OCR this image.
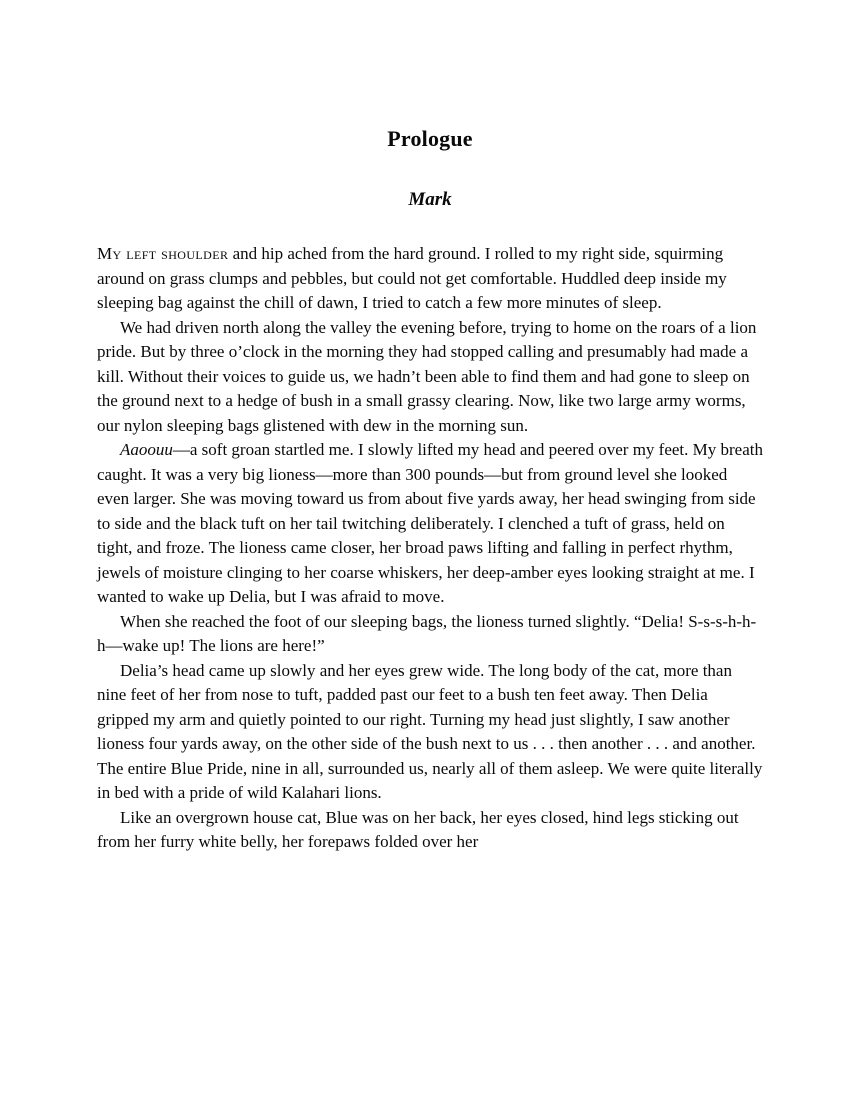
Prologue
Mark

My left shoulder and hip ached from the hard ground. I rolled to my right side, squirming around on grass clumps and pebbles, but could not get comfortable. Huddled deep inside my sleeping bag against the chill of dawn, I tried to catch a few more minutes of sleep.

We had driven north along the valley the evening before, trying to home on the roars of a lion pride. But by three o’clock in the morning they had stopped calling and presumably had made a kill. Without their voices to guide us, we hadn’t been able to find them and had gone to sleep on the ground next to a hedge of bush in a small grassy clearing. Now, like two large army worms, our nylon sleeping bags glistened with dew in the morning sun.

Aaoouu—a soft groan startled me. I slowly lifted my head and peered over my feet. My breath caught. It was a very big lioness—more than 300 pounds—but from ground level she looked even larger. She was moving toward us from about five yards away, her head swinging from side to side and the black tuft on her tail twitching deliberately. I clenched a tuft of grass, held on tight, and froze. The lioness came closer, her broad paws lifting and falling in perfect rhythm, jewels of moisture clinging to her coarse whiskers, her deep-amber eyes looking straight at me. I wanted to wake up Delia, but I was afraid to move.

When she reached the foot of our sleeping bags, the lioness turned slightly. “Delia! S-s-s-h-h-h—wake up! The lions are here!”

Delia’s head came up slowly and her eyes grew wide. The long body of the cat, more than nine feet of her from nose to tuft, padded past our feet to a bush ten feet away. Then Delia gripped my arm and quietly pointed to our right. Turning my head just slightly, I saw another lioness four yards away, on the other side of the bush next to us . . . then another . . . and another. The entire Blue Pride, nine in all, surrounded us, nearly all of them asleep. We were quite literally in bed with a pride of wild Kalahari lions.

Like an overgrown house cat, Blue was on her back, her eyes closed, hind legs sticking out from her furry white belly, her forepaws folded over her
